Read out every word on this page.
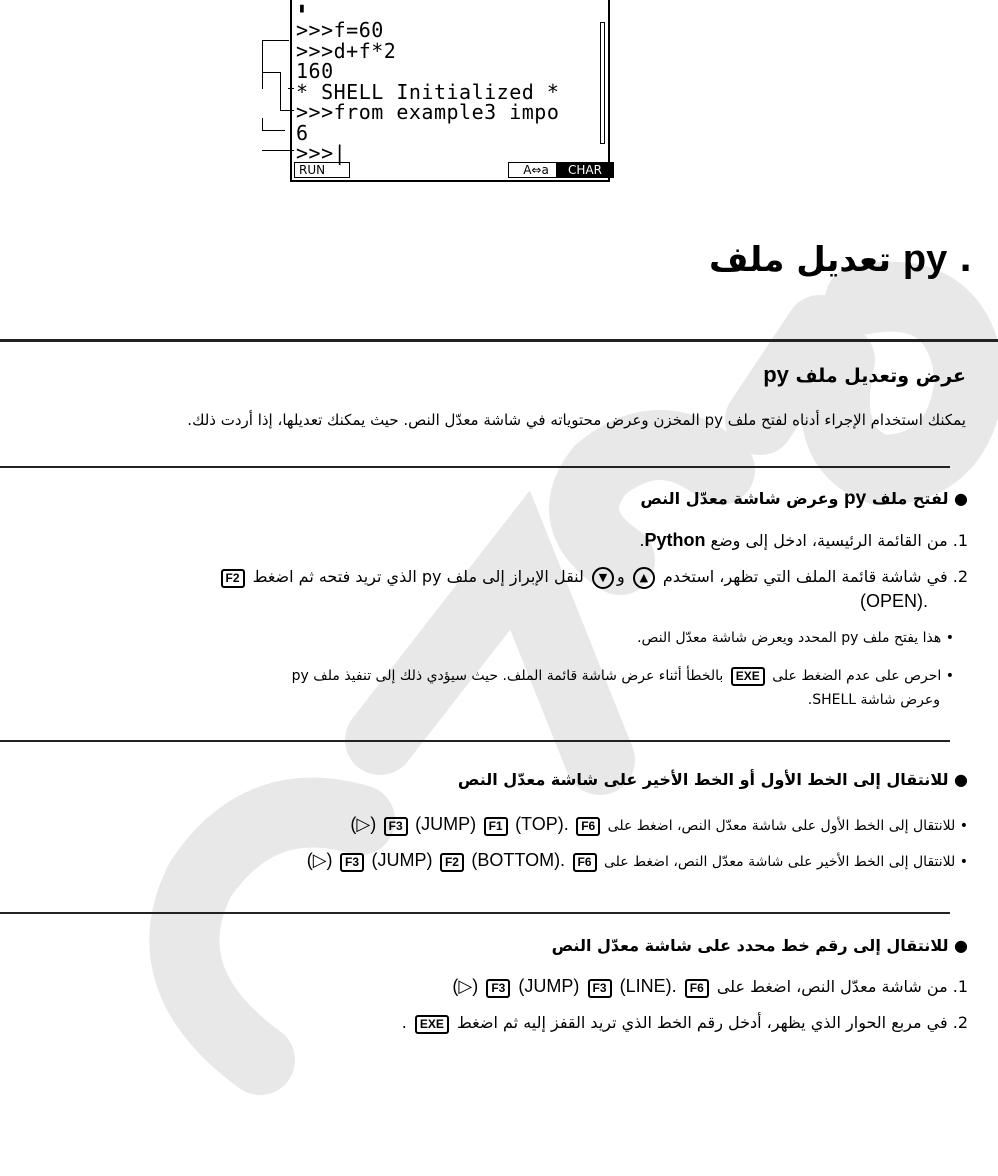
▮
>>>f=60
>>>d+f*2
160
* SHELL Initialized *
>>>from example3 impo
6
>>>|
RUN	A⇔a	CHAR
. py تعديل ملف
عرض وتعديل ملف py
يمكنك استخدام الإجراء أدناه لفتح ملف py المخزن وعرض محتوياته في شاشة معدّل النص. حيث يمكنك تعديلها، إذا أردت ذلك.
● لفتح ملف py وعرض شاشة معدّل النص
1. من القائمة الرئيسية، ادخل إلى وضع Python.
2. في شاشة قائمة الملف التي تظهر، استخدم ▲ و▼ لنقل الإبراز إلى ملف py الذي تريد فتحه ثم اضغط F2
(OPEN).
• هذا يفتح ملف py المحدد ويعرض شاشة معدّل النص.
• احرص على عدم الضغط على EXE بالخطأ أثناء عرض شاشة قائمة الملف. حيث سيؤدي ذلك إلى تنفيذ ملف py
وعرض شاشة SHELL.
● للانتقال إلى الخط الأول أو الخط الأخير على شاشة معدّل النص
• للانتقال إلى الخط الأول على شاشة معدّل النص، اضغط على F6 (▷) F3 (JUMP) F1 (TOP).
• للانتقال إلى الخط الأخير على شاشة معدّل النص، اضغط على F6 (▷) F3 (JUMP) F2 (BOTTOM).
● للانتقال إلى رقم خط محدد على شاشة معدّل النص
1. من شاشة معدّل النص، اضغط على F6 (▷) F3 (JUMP) F3 (LINE).
2. في مربع الحوار الذي يظهر، أدخل رقم الخط الذي تريد القفز إليه ثم اضغط EXE .
